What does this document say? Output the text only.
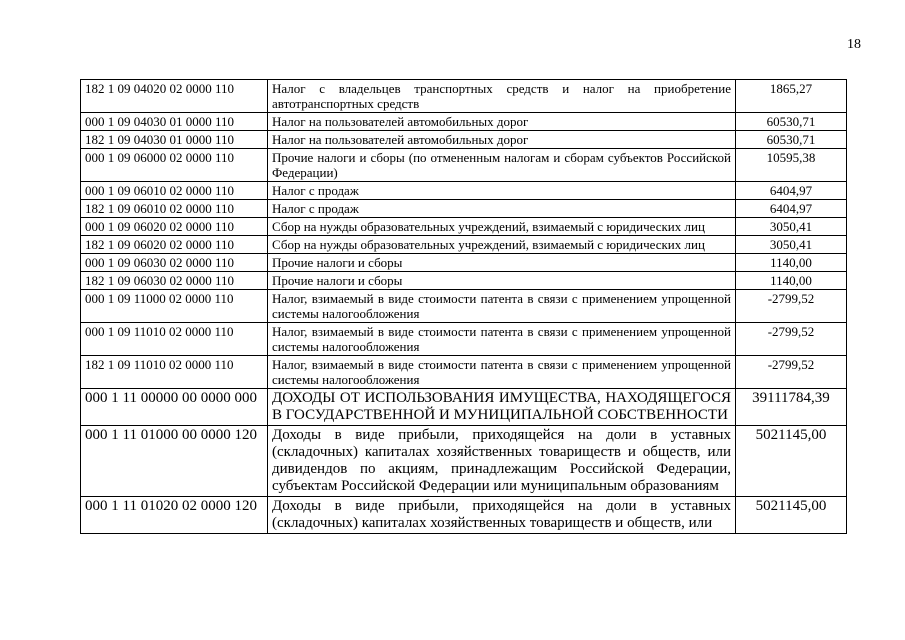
18
182 1 09 04020 02 0000 110	Налог с владельцев транспортных средств и налог на приобретение автотранспортных средств	1865,27
000 1 09 04030 01 0000 110	Налог на пользователей автомобильных дорог	60530,71
182 1 09 04030 01 0000 110	Налог на пользователей автомобильных дорог	60530,71
000 1 09 06000 02 0000 110	Прочие налоги и сборы (по отмененным налогам и сборам субъектов Российской Федерации)	10595,38
000 1 09 06010 02 0000 110	Налог с продаж	6404,97
182 1 09 06010 02 0000 110	Налог с продаж	6404,97
000 1 09 06020 02 0000 110	Сбор на нужды образовательных учреждений, взимаемый с юридических лиц	3050,41
182 1 09 06020 02 0000 110	Сбор на нужды образовательных учреждений, взимаемый с юридических лиц	3050,41
000 1 09 06030 02 0000 110	Прочие налоги и сборы	1140,00
182 1 09 06030 02 0000 110	Прочие налоги и сборы	1140,00
000 1 09 11000 02 0000 110	Налог, взимаемый в виде стоимости патента в связи с применением упрощенной системы налогообложения	-2799,52
000 1 09 11010 02 0000 110	Налог, взимаемый в виде стоимости патента в связи с применением упрощенной системы налогообложения	-2799,52
182 1 09 11010 02 0000 110	Налог, взимаемый в виде стоимости патента в связи с применением упрощенной системы налогообложения	-2799,52
000 1 11 00000 00 0000 000	ДОХОДЫ ОТ ИСПОЛЬЗОВАНИЯ ИМУЩЕСТВА, НАХОДЯЩЕГОСЯ В ГОСУДАРСТВЕННОЙ И МУНИЦИПАЛЬНОЙ СОБСТВЕННОСТИ	39111784,39
000 1 11 01000 00 0000 120	Доходы в виде прибыли, приходящейся на доли в уставных (складочных) капиталах хозяйственных товариществ и обществ, или дивидендов по акциям, принадлежащим Российской Федерации, субъектам Российской Федерации или муниципальным образованиям	5021145,00
000 1 11 01020 02 0000 120	Доходы в виде прибыли, приходящейся на доли в уставных (складочных) капиталах хозяйственных товариществ и обществ, или	5021145,00
